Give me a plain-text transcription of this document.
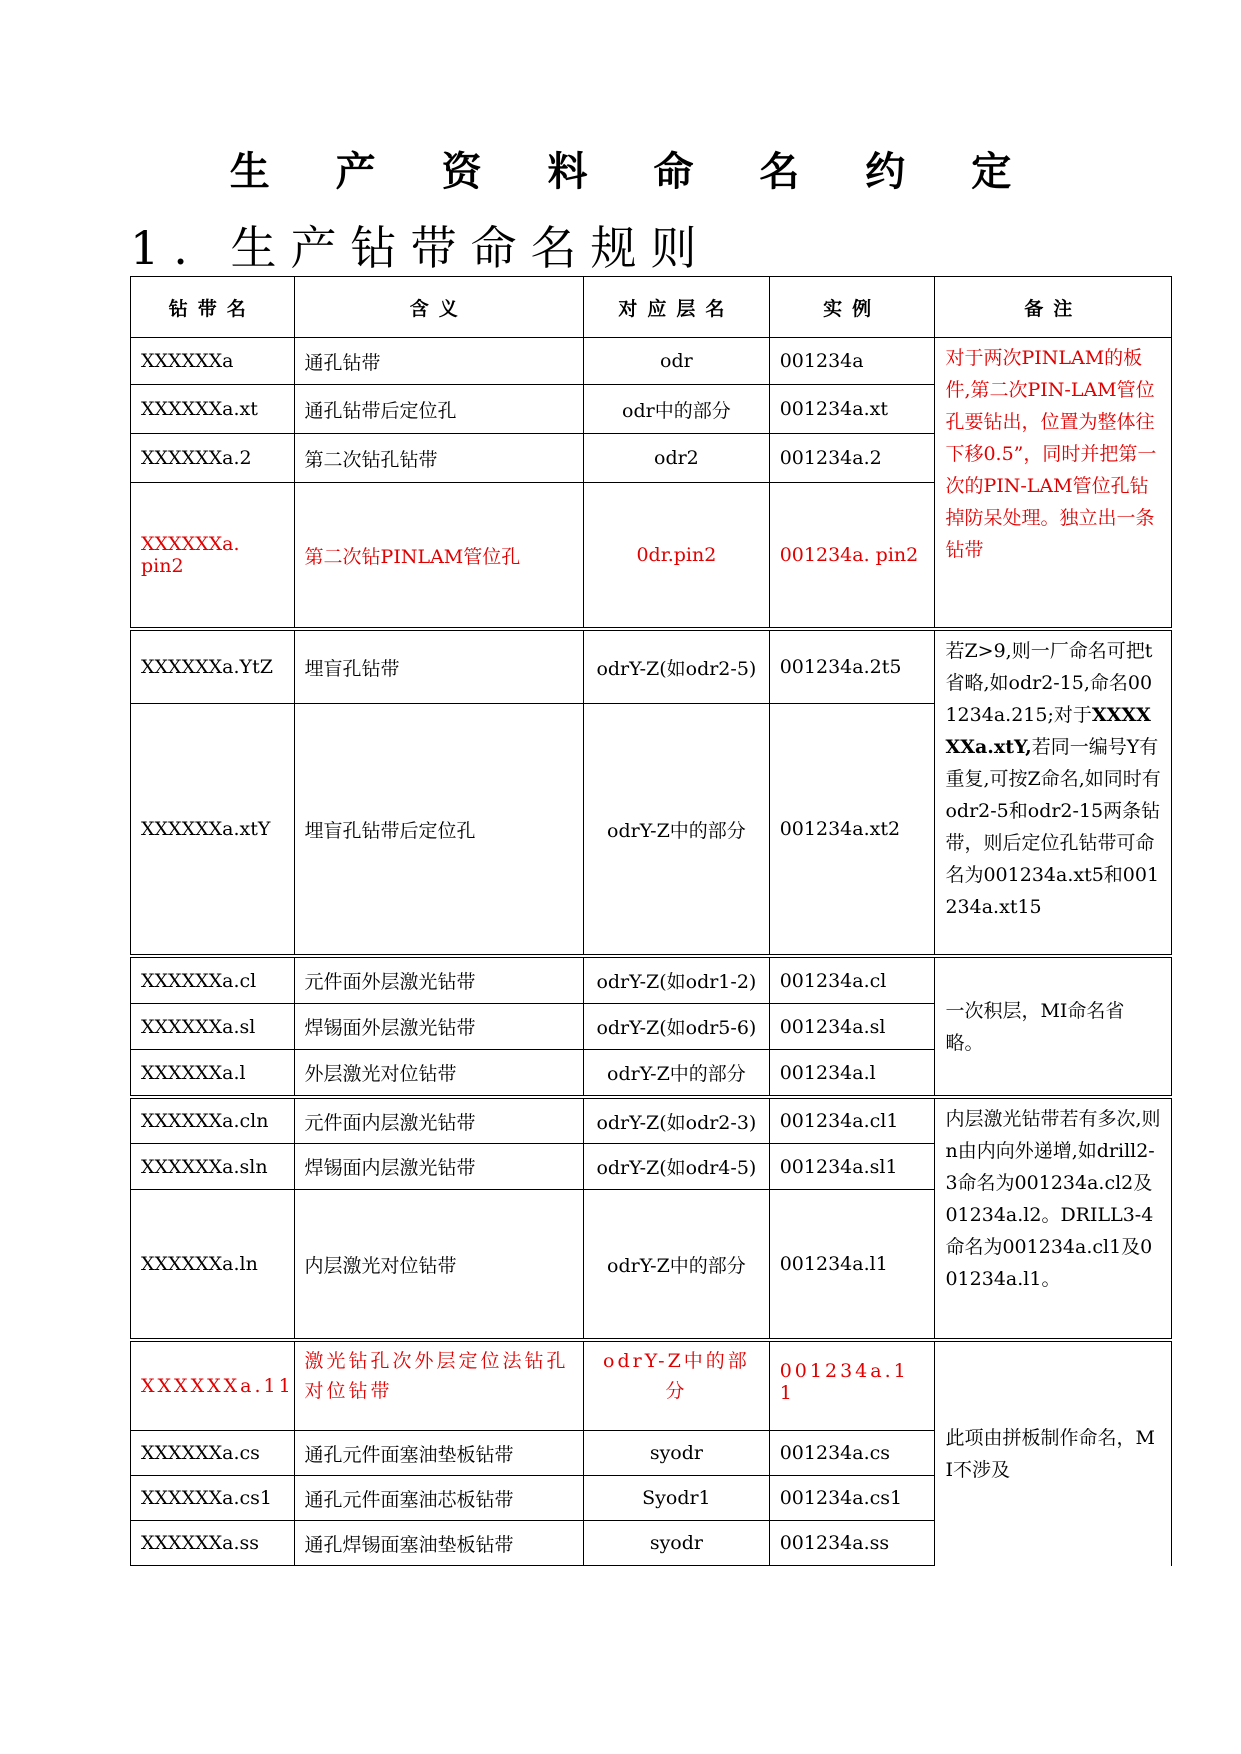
生 产 资 料 命 名 约 定
1. 生产钻带命名规则
钻带名	含义	对应层名	实例	备注
XXXXXXa	通孔钻带	odr	001234a	对于两次PINLAM的板件,第二次PIN-LAM管位孔要钻出，位置为整体往下移0.5”，同时并把第一次的PIN-LAM管位孔钻掉防呆处理。独立出一条钻带
XXXXXXa.xt	通孔钻带后定位孔	odr中的部分	001234a.xt	
XXXXXXa.2	第二次钻孔钻带	odr2	001234a.2	
XXXXXXa. pin2	第二次钻PINLAM管位孔	0dr.pin2	001234a. pin2	
XXXXXXa.YtZ	埋盲孔钻带	odrY-Z(如odr2-5)	001234a.2t5	若Z>9,则一厂命名可把t省略,如odr2-15,命名001234a.215;对于XXXXXXa.xtY,若同一编号Y有重复,可按Z命名,如同时有odr2-5和odr2-15两条钻带，则后定位孔钻带可命名为001234a.xt5和001234a.xt15
XXXXXXa.xtY	埋盲孔钻带后定位孔	odrY-Z中的部分	001234a.xt2	
XXXXXXa.cl	元件面外层激光钻带	odrY-Z(如odr1-2)	001234a.cl	一次积层，MI命名省略。
XXXXXXa.sl	焊锡面外层激光钻带	odrY-Z(如odr5-6)	001234a.sl	
XXXXXXa.l	外层激光对位钻带	odrY-Z中的部分	001234a.l	
XXXXXXa.cln	元件面内层激光钻带	odrY-Z(如odr2-3)	001234a.cl1	内层激光钻带若有多次,则n由内向外递增,如drill2-3命名为001234a.cl2及01234a.l2。DRILL3-4命名为001234a.cl1及001234a.l1。
XXXXXXa.sln	焊锡面内层激光钻带	odrY-Z(如odr4-5)	001234a.sl1	
XXXXXXa.ln	内层激光对位钻带	odrY-Z中的部分	001234a.l1	
XXXXXXa.11	激光钻孔次外层定位法钻孔对位钻带	odrY-Z中的部分	001234a.1 1	此项由拼板制作命名，MI不涉及
XXXXXXa.cs	通孔元件面塞油垫板钻带	syodr	001234a.cs	
XXXXXXa.cs1	通孔元件面塞油芯板钻带	Syodr1	001234a.cs1	
XXXXXXa.ss	通孔焊锡面塞油垫板钻带	syodr	001234a.ss	
